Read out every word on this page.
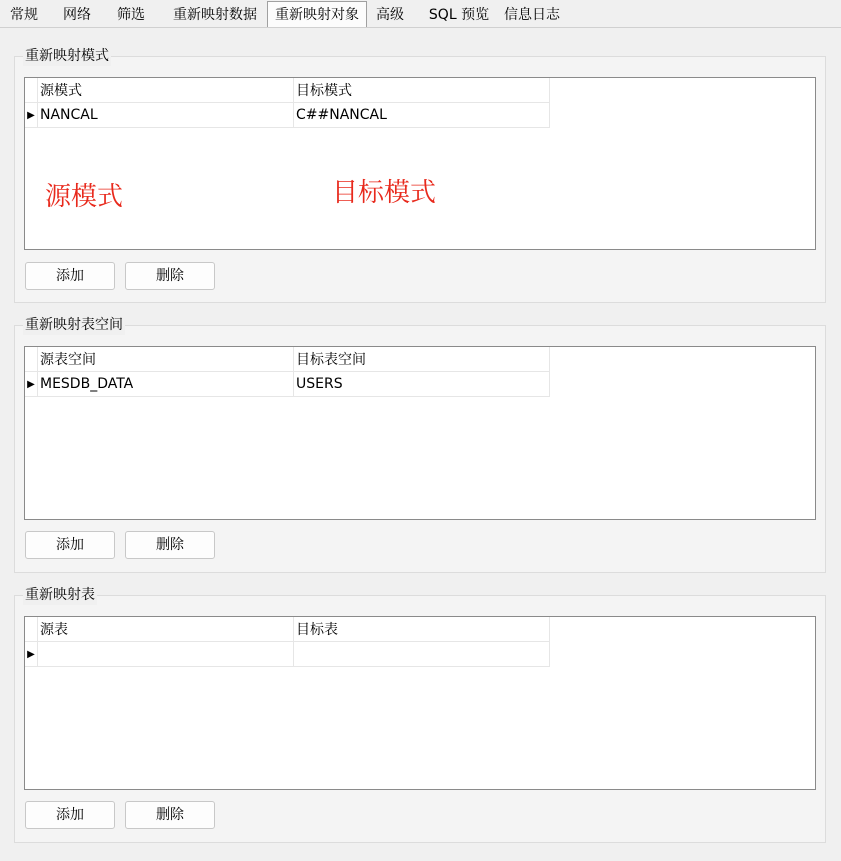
常规	网络	筛选	重新映射数据	重新映射对象	高级	SQL 预览	信息日志
重新映射模式
	源模式	目标模式
▶	NANCAL	C##NANCAL
源模式	目标模式
添加	删除
重新映射表空间
	源表空间	目标表空间
▶	MESDB_DATA	USERS
添加	删除
重新映射表
	源表	目标表
▶		
添加	删除
